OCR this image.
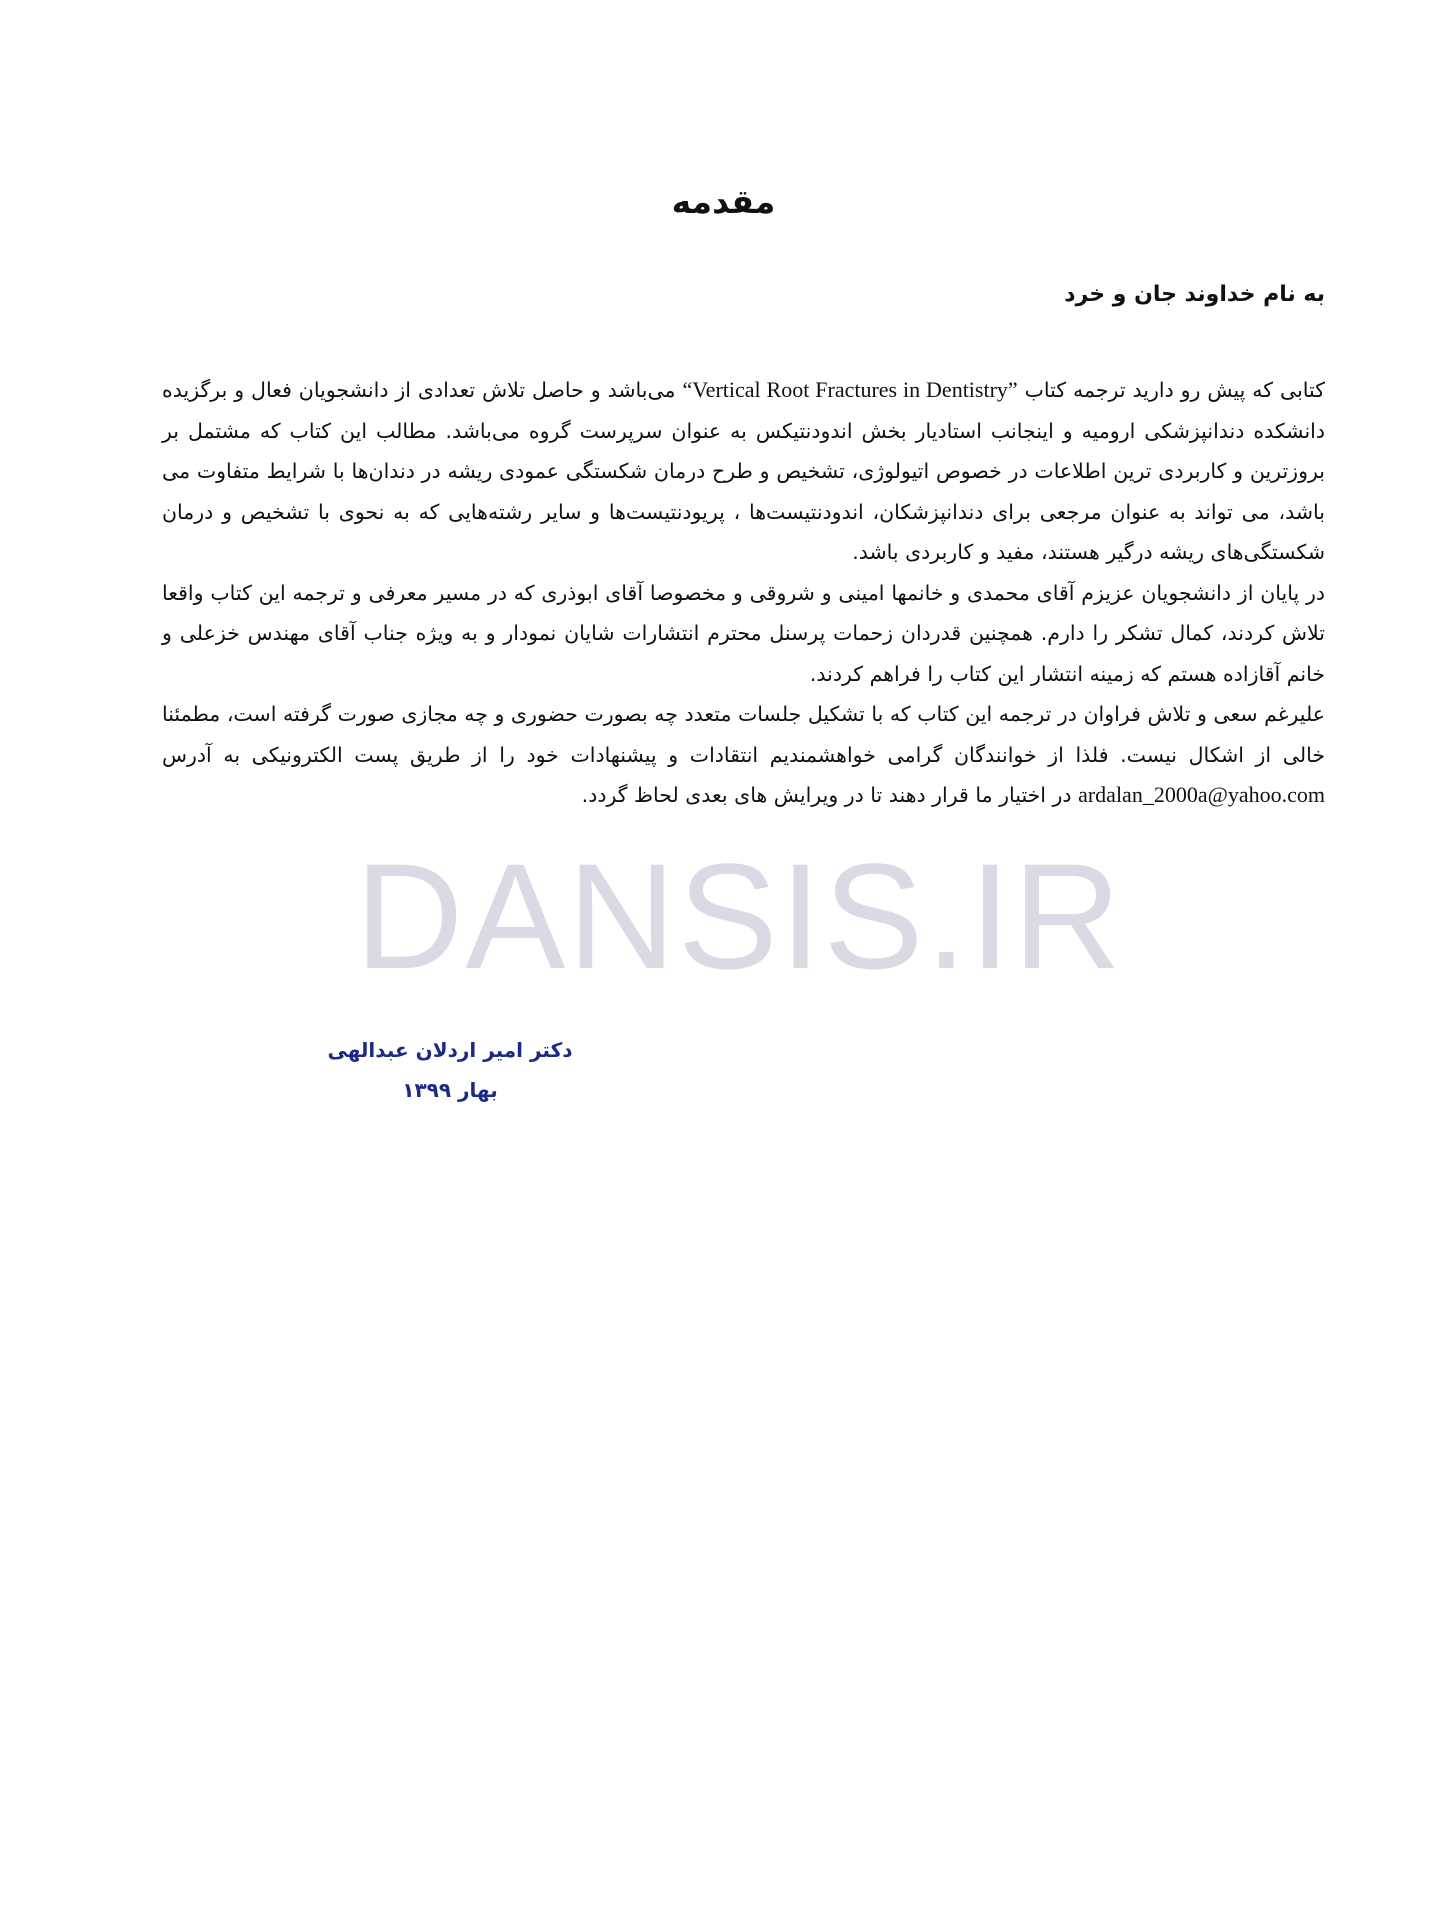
DANSIS.IR
مقدمه
به نام خداوند جان و خرد

کتابی که پیش رو دارید ترجمه کتاب “Vertical Root Fractures in Dentistry” می‌باشد و حاصل تلاش تعدادی از دانشجویان فعال و برگزیده دانشکده دندانپزشکی ارومیه و اینجانب استادیار بخش اندودنتیکس به عنوان سرپرست گروه می‌باشد. مطالب این کتاب که مشتمل بر بروزترین و کاربردی ترین اطلاعات در خصوص اتیولوژی، تشخیص و طرح درمان شکستگی عمودی ریشه در دندان‌ها با شرایط متفاوت می باشد، می تواند به عنوان مرجعی برای دندانپزشکان، اندودنتیست‌ها ، پریودنتیست‌ها و سایر رشته‌هایی که به نحوی با تشخیص و درمان شکستگی‌های ریشه درگیر هستند، مفید و کاربردی باشد.

در پایان از دانشجویان عزیزم آقای محمدی و خانمها امینی و شروقی و مخصوصا آقای ابوذری که در مسیر معرفی و ترجمه این کتاب واقعا تلاش کردند، کمال تشکر را دارم. همچنین قدردان زحمات پرسنل محترم انتشارات شایان نمودار و به ویژه جناب آقای مهندس خزعلی و خانم آقازاده هستم که زمینه انتشار این کتاب را فراهم کردند.

علیرغم سعی و تلاش فراوان در ترجمه این کتاب که با تشکیل جلسات متعدد چه بصورت حضوری و چه مجازی صورت گرفته است، مطمئنا خالی از اشکال نیست. فلذا از خوانندگان گرامی خواهشمندیم انتقادات و پیشنهادات خود را از طریق پست الکترونیکی به آدرس ardalan_2000a@yahoo.com در اختیار ما قرار دهند تا در ویرایش های بعدی لحاظ گردد.

دکتر امیر اردلان عبدالهی
بهار ۱۳۹۹
